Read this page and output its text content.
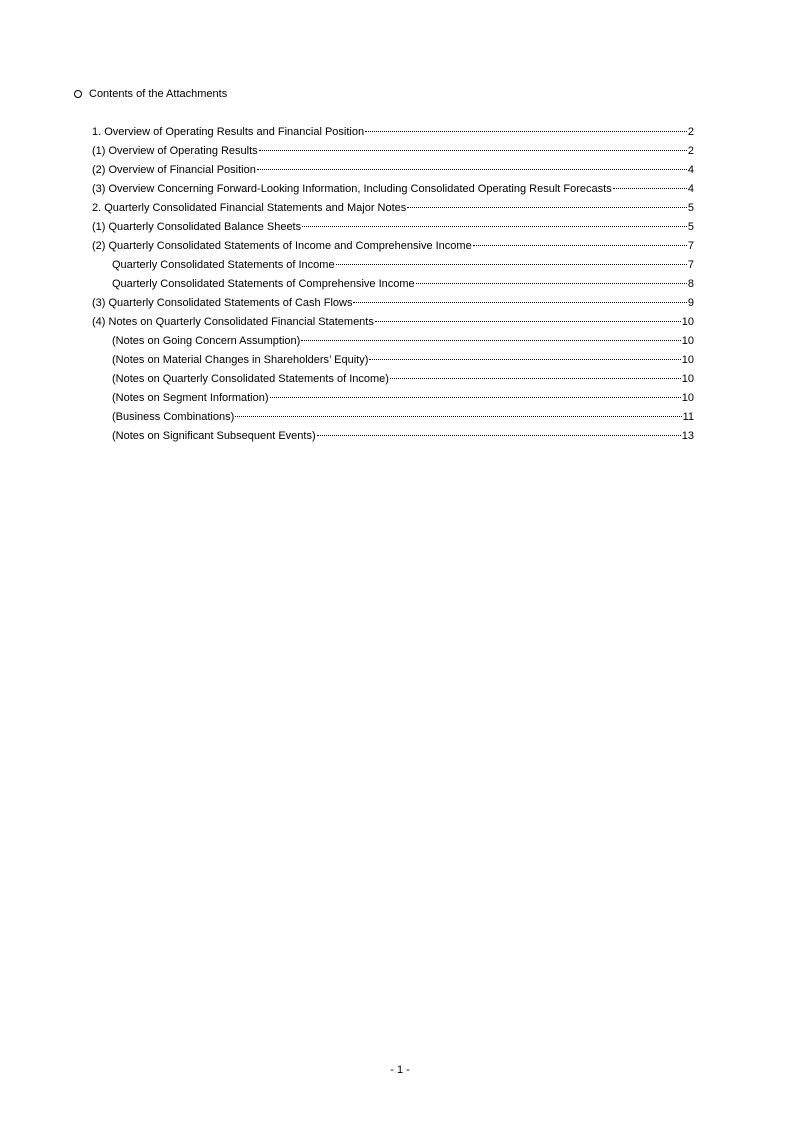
Contents of the Attachments
1. Overview of Operating Results and Financial Position	2
(1) Overview of Operating Results	2
(2) Overview of Financial Position	4
(3) Overview Concerning Forward-Looking Information, Including Consolidated Operating Result Forecasts	4
2. Quarterly Consolidated Financial Statements and Major Notes	5
(1) Quarterly Consolidated Balance Sheets	5
(2) Quarterly Consolidated Statements of Income and Comprehensive Income	7
Quarterly Consolidated Statements of Income	7
Quarterly Consolidated Statements of Comprehensive Income	8
(3) Quarterly Consolidated Statements of Cash Flows	9
(4) Notes on Quarterly Consolidated Financial Statements	10
(Notes on Going Concern Assumption)	10
(Notes on Material Changes in Shareholders’ Equity)	10
(Notes on Quarterly Consolidated Statements of Income)	10
(Notes on Segment Information)	10
(Business Combinations)	11
(Notes on Significant Subsequent Events)	13
- 1 -
